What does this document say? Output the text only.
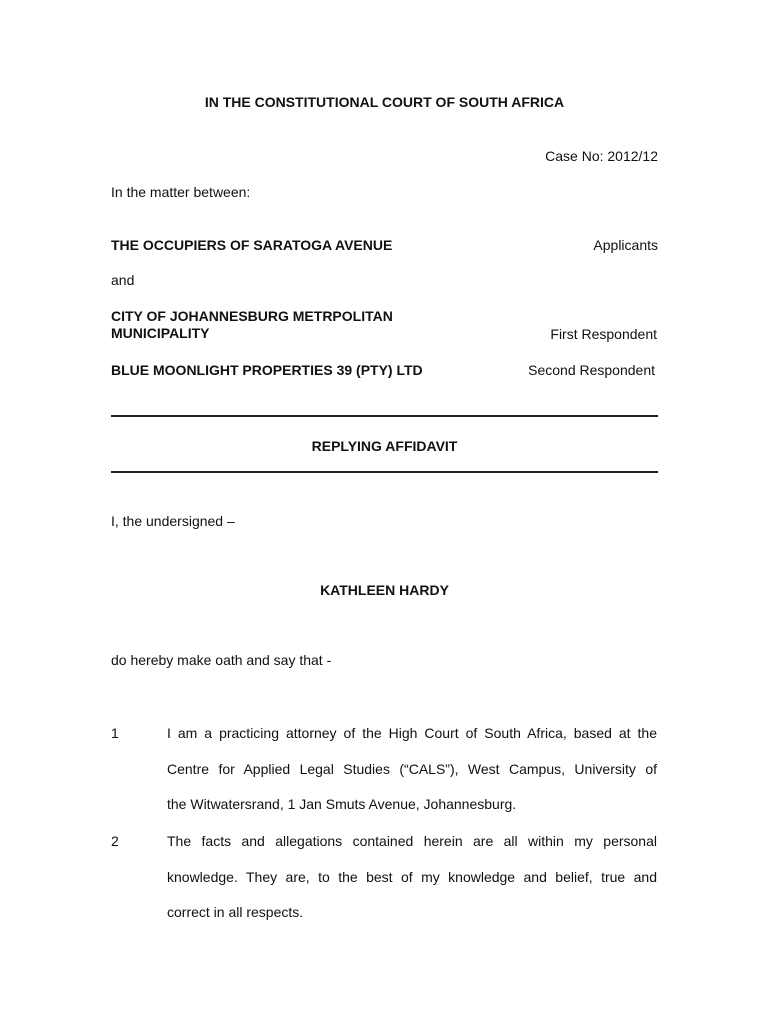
IN THE CONSTITUTIONAL COURT OF SOUTH AFRICA
Case No: 2012/12
In the matter between:
THE OCCUPIERS OF SARATOGA AVENUE	Applicants
and
CITY OF JOHANNESBURG METRPOLITAN
MUNICIPALITY	First Respondent
BLUE MOONLIGHT PROPERTIES 39 (PTY) LTD	Second Respondent
REPLYING AFFIDAVIT
I, the undersigned –
KATHLEEN HARDY
do hereby make oath and say that -
1	I am a practicing attorney of the High Court of South Africa, based at the
Centre for Applied Legal Studies (“CALS”), West Campus, University of
the Witwatersrand, 1 Jan Smuts Avenue, Johannesburg.
2	The facts and allegations contained herein are all within my personal
knowledge. They are, to the best of my knowledge and belief, true and
correct in all respects.
